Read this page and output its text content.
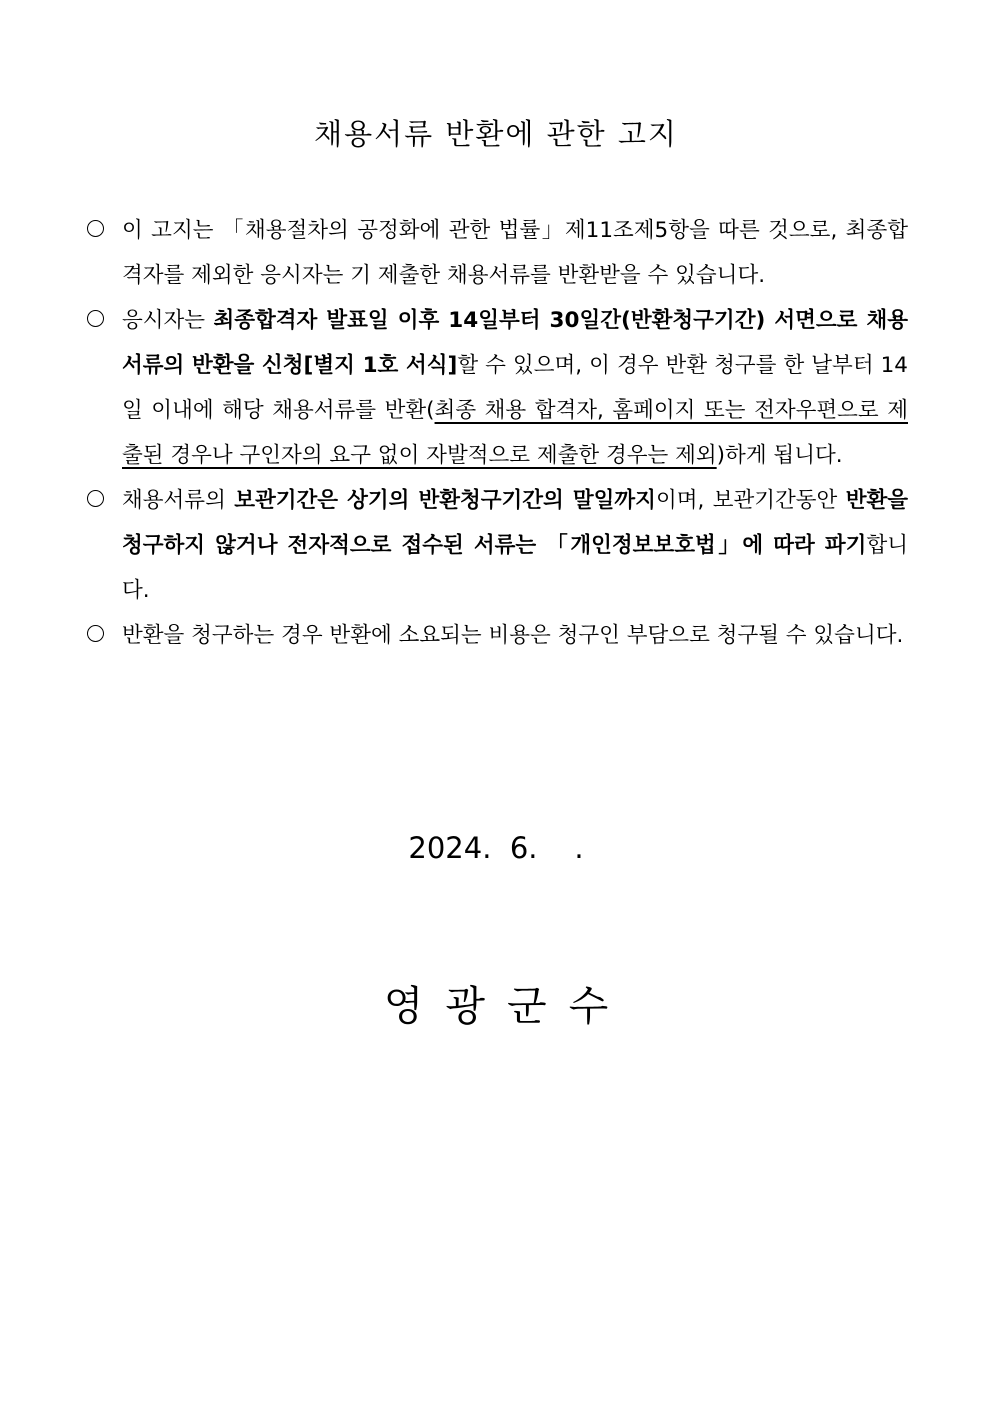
채용서류 반환에 관한 고지

이 고지는 「채용절차의 공정화에 관한 법률」제11조제5항을 따른 것으로, 최종합격자를 제외한 응시자는 기 제출한 채용서류를 반환받을 수 있습니다.

응시자는 최종합격자 발표일 이후 14일부터 30일간(반환청구기간) 서면으로 채용서류의 반환을 신청[별지 1호 서식]할 수 있으며, 이 경우 반환 청구를 한 날부터 14일 이내에 해당 채용서류를 반환(최종 채용 합격자, 홈페이지 또는 전자우편으로 제출된 경우나 구인자의 요구 없이 자발적으로 제출한 경우는 제외)하게 됩니다.

채용서류의 보관기간은 상기의 반환청구기간의 말일까지이며, 보관기간동안 반환을 청구하지 않거나 전자적으로 접수된 서류는 「개인정보보호법」에 따라 파기합니다.

반환을 청구하는 경우 반환에 소요되는 비용은 청구인 부담으로 청구될 수 있습니다.

2024.  6.    .
영광군수
